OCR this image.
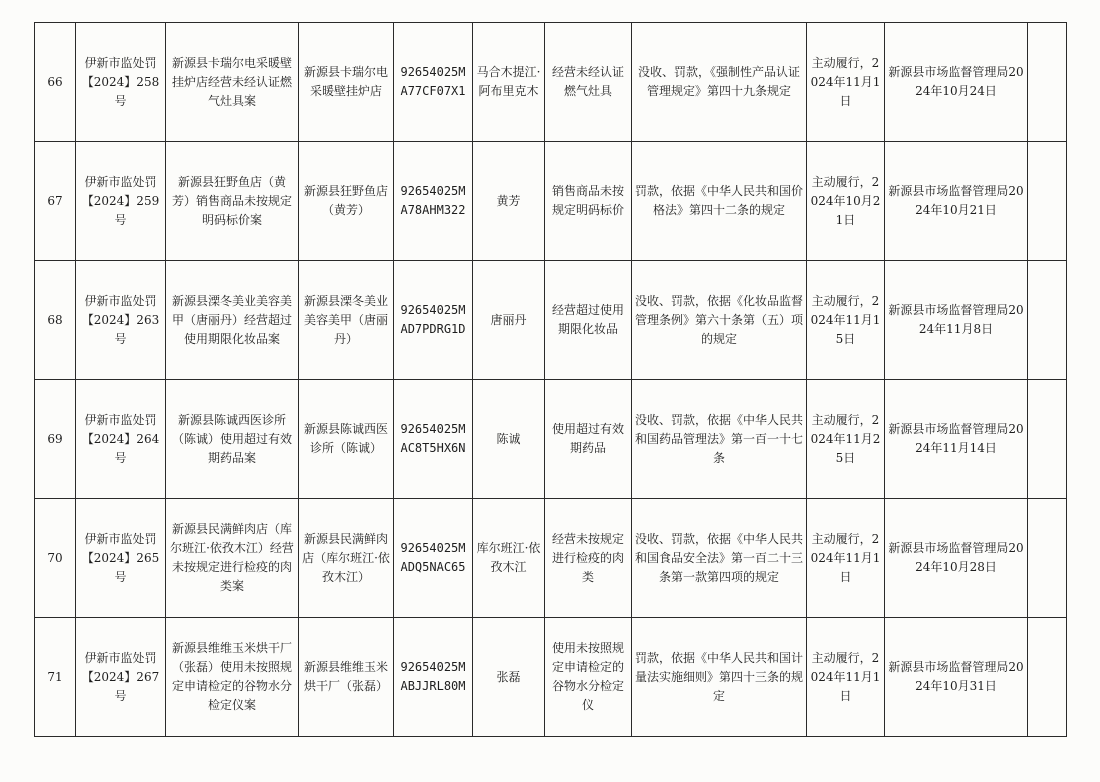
66	伊新市监处罚【2024】258号	新源县卡瑞尔电采暖壁挂炉店经营未经认证燃气灶具案	新源县卡瑞尔电采暖壁挂炉店	92654025MA77CF07X1	马合木提江·阿布里克木	经营未经认证燃气灶具	没收、罚款，《强制性产品认证管理规定》第四十九条规定	主动履行，2024年11月1日	新源县市场监督管理局2024年10月24日	
67	伊新市监处罚【2024】259号	新源县狂野鱼店（黄芳）销售商品未按规定明码标价案	新源县狂野鱼店（黄芳）	92654025MA78AHM322	黄芳	销售商品未按规定明码标价	罚款，依据《中华人民共和国价格法》第四十二条的规定	主动履行，2024年10月21日	新源县市场监督管理局2024年10月21日	
68	伊新市监处罚【2024】263号	新源县溧冬美业美容美甲（唐丽丹）经营超过使用期限化妆品案	新源县溧冬美业美容美甲（唐丽丹）	92654025MAD7PDRG1D	唐丽丹	经营超过使用期限化妆品	没收、罚款，依据《化妆品监督管理条例》第六十条第（五）项的规定	主动履行，2024年11月15日	新源县市场监督管理局2024年11月8日	
69	伊新市监处罚【2024】264号	新源县陈诚西医诊所（陈诚）使用超过有效期药品案	新源县陈诚西医诊所（陈诚）	92654025MAC8T5HX6N	陈诚	使用超过有效期药品	没收、罚款，依据《中华人民共和国药品管理法》第一百一十七条	主动履行，2024年11月25日	新源县市场监督管理局2024年11月14日	
70	伊新市监处罚【2024】265号	新源县民满鲜肉店（库尔班江·依孜木江）经营未按规定进行检疫的肉类案	新源县民满鲜肉店（库尔班江·依孜木江）	92654025MADQ5NAC65	库尔班江·依孜木江	经营未按规定进行检疫的肉类	没收、罚款，依据《中华人民共和国食品安全法》第一百二十三条第一款第四项的规定	主动履行，2024年11月1日	新源县市场监督管理局2024年10月28日	
71	伊新市监处罚【2024】267号	新源县维维玉米烘干厂（张磊）使用未按照规定申请检定的谷物水分检定仪案	新源县维维玉米烘干厂（张磊）	92654025MABJJRL80M	张磊	使用未按照规定申请检定的谷物水分检定仪	罚款，依据《中华人民共和国计量法实施细则》第四十三条的规定	主动履行，2024年11月1日	新源县市场监督管理局2024年10月31日	
